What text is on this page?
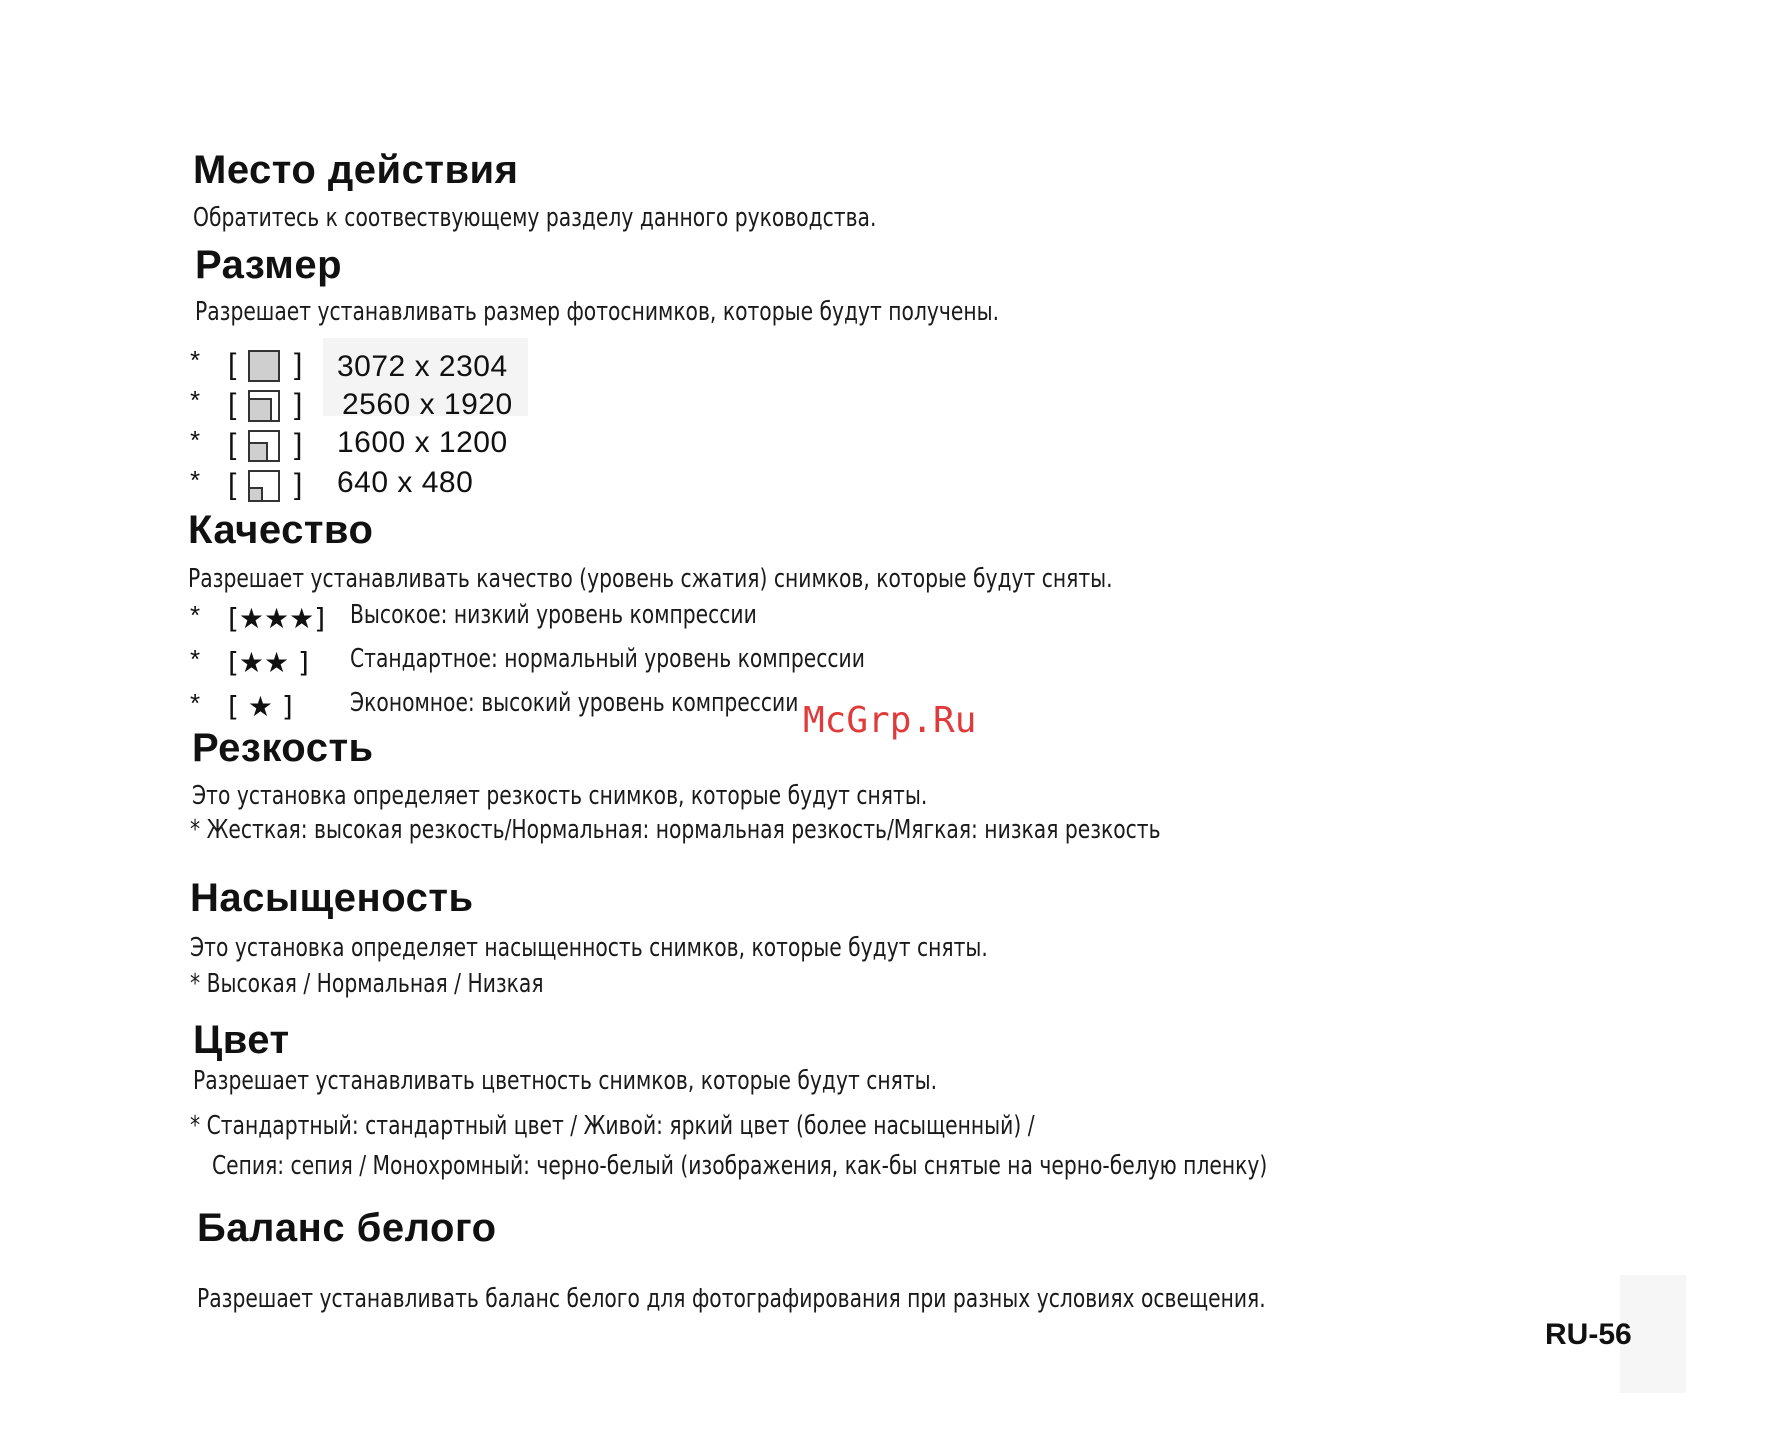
Место действия

Обратитесь к соотвествующему разделу данного руководства.

Размер

Разрешает устанавливать размер фотоснимков, которые будут получены.

* [ ] 3072 x 2304
* [ ] 2560 x 1920
* [ ] 1600 x 1200
* [ ] 640 x 480
Качество

Разрешает устанавливать качество (уровень сжатия) снимков, которые будут сняты.

* [★★★] Высокое: низкий уровень компрессии
* [★★ ] Стандартное: нормальный уровень компрессии
* [ ★ ] Экономное: высокий уровень компрессии McGrp.Ru
Резкость

Это установка определяет резкость снимков, которые будут сняты.

* Жесткая: высокая резкость/Нормальная: нормальная резкость/Мягкая: низкая резкость

Насыщеность

Это установка определяет насыщенность снимков, которые будут сняты.

* Высокая / Нормальная / Низкая

Цвет

Разрешает устанавливать цветность снимков, которые будут сняты.

* Стандартный: стандартный цвет / Живой: яркий цвет (более насыщенный) /

Сепия: сепия / Монохромный: черно-белый (изображения, как-бы снятые на черно-белую пленку)

Баланс белого

Разрешает устанавливать баланс белого для фотографирования при разных условиях освещения.

RU-56
